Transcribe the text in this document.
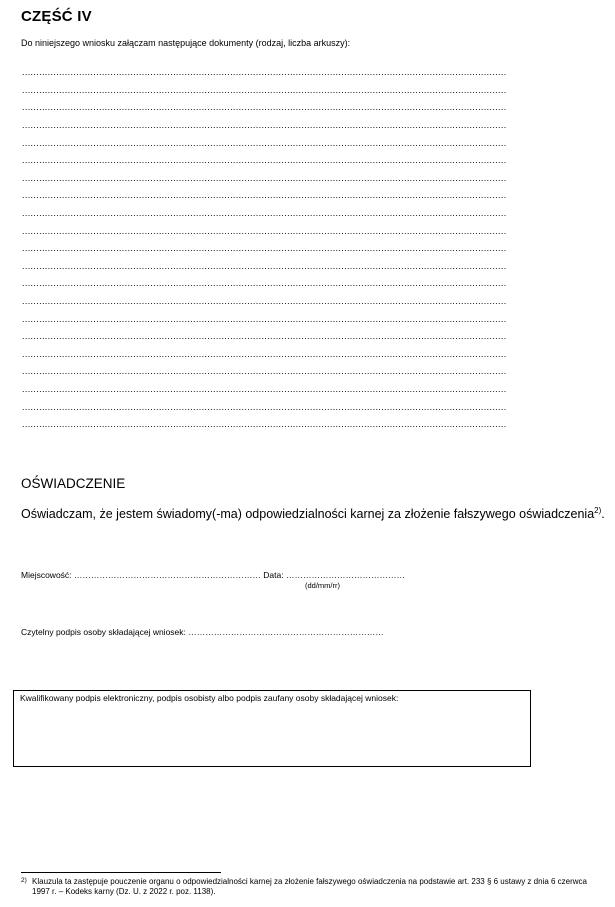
CZĘŚĆ IV
Do niniejszego wniosku załączam następujące dokumenty (rodzaj, liczba arkuszy):
..........................................................................................................................................................................
..........................................................................................................................................................................
..........................................................................................................................................................................
..........................................................................................................................................................................
..........................................................................................................................................................................
..........................................................................................................................................................................
..........................................................................................................................................................................
..........................................................................................................................................................................
..........................................................................................................................................................................
..........................................................................................................................................................................
..........................................................................................................................................................................
..........................................................................................................................................................................
..........................................................................................................................................................................
..........................................................................................................................................................................
..........................................................................................................................................................................
..........................................................................................................................................................................
..........................................................................................................................................................................
..........................................................................................................................................................................
..........................................................................................................................................................................
..........................................................................................................................................................................
..........................................................................................................................................................................
OŚWIADCZENIE
Oświadczam, że jestem świadomy(-ma) odpowiedzialności karnej za złożenie fałszywego oświadczenia$^{2)}$.
Miejscowość: ………………………………………………………… Data: ……………………………………
(dd/mm/rr)
Czytelny podpis osoby składającej wniosek: ……………………………………………………………
Kwalifikowany podpis elektroniczny, podpis osobisty albo podpis zaufany osoby składającej wniosek:
2) Klauzula ta zastępuje pouczenie organu o odpowiedzialności karnej za złożenie fałszywego oświadczenia na podstawie art. 233 § 6 ustawy z dnia 6 czerwca 1997 r. – Kodeks karny (Dz. U. z 2022 r. poz. 1138).
